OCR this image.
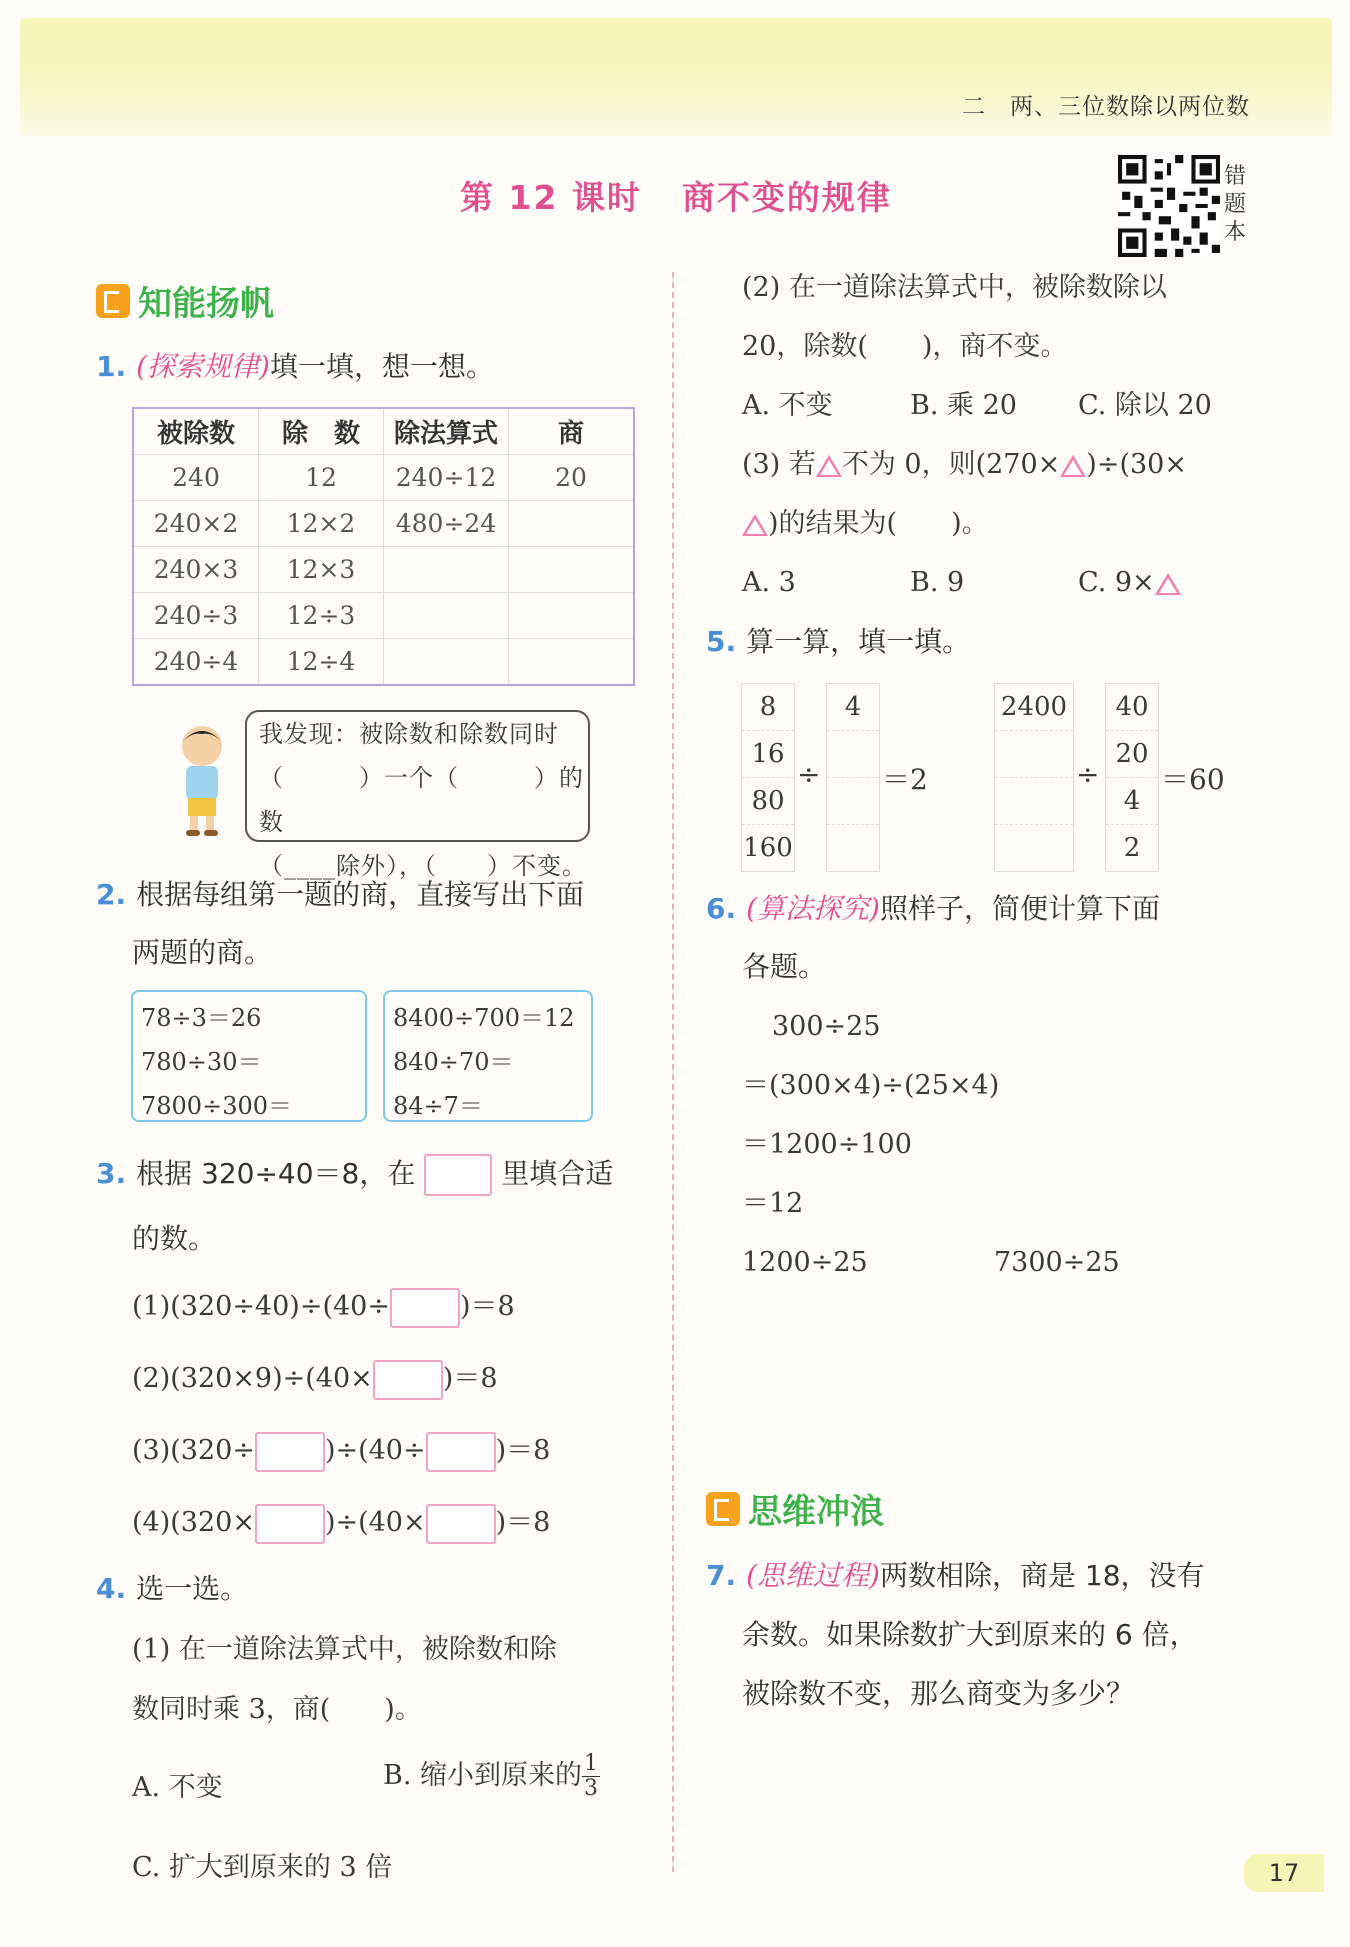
二　两、三位数除以两位数
第 12 课时 商不变的规律
错题本
知能扬帆
1. (探索规律)填一填，想一想。
被除数	除　数	除法算式	商
240	12	240÷12	20
240×2	12×2	480÷24	
240×3	12×3		
240÷3	12÷3		
240÷4	12÷4		
我发现：被除数和除数同时
（　　　）一个（　　　）的数
（____除外），（　　）不变。
2. 根据每组第一题的商，直接写出下面
两题的商。
78÷3＝26
780÷30＝
7800÷300＝
8400÷700＝12
840÷70＝
84÷7＝
3. 根据 320÷40＝8，在	里填合适
的数。
(1)(320÷40)÷(40÷	)＝8
(2)(320×9)÷(40×	)＝8
(3)(320÷	)÷(40÷	)＝8
(4)(320×	)÷(40×	)＝8
4. 选一选。
(1) 在一道除法算式中，被除数和除
数同时乘 3，商(　　)。
A. 不变	B. 缩小到原来的 $\frac{1}{3}$
C. 扩大到原来的 3 倍
(2) 在一道除法算式中，被除数除以
20，除数(　　)，商不变。
A. 不变	B. 乘 20 C. 除以 20
(3) 若 不为 0，则(270× )÷(30×
)的结果为(　　)。
A. 3	B. 9	C. 9×
5. 算一算，填一填。
8
16
80
160
÷
4
＝2
2400
÷
40
20
4
2
＝60
6. (算法探究)照样子，简便计算下面
各题。
300÷25
＝(300×4)÷(25×4)
＝1200÷100
＝12
1200÷25	7300÷25
思维冲浪
7. (思维过程)两数相除，商是 18，没有
余数。如果除数扩大到原来的 6 倍，
被除数不变，那么商变为多少？
17
